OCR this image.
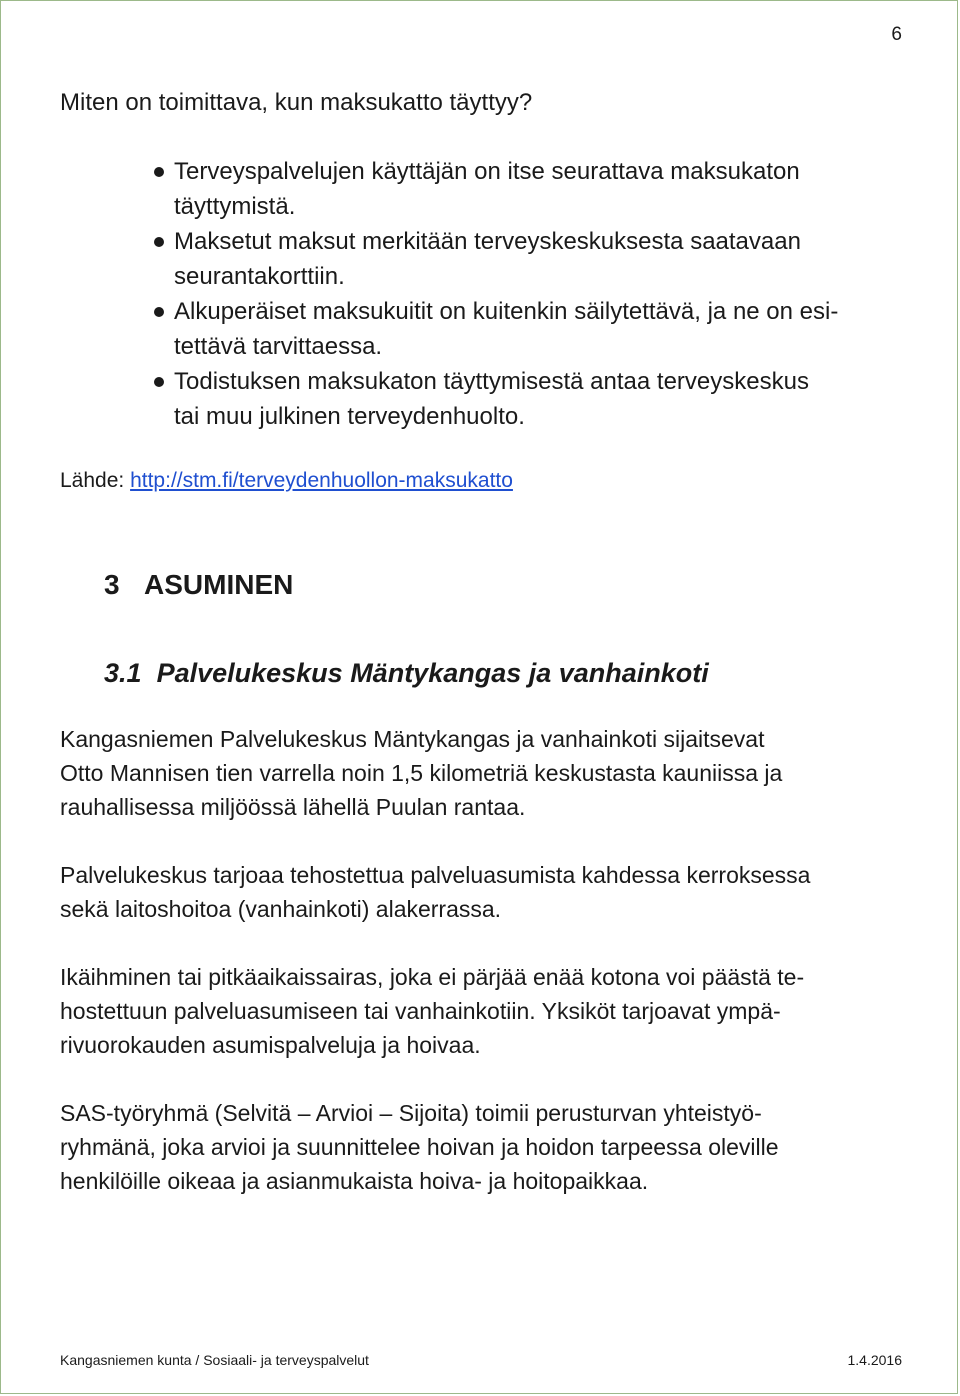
6
Miten on toimittava, kun maksukatto täyttyy?
Terveyspalvelujen käyttäjän on itse seurattava maksukaton
täyttymistä.
Maksetut maksut merkitään terveyskeskuksesta saatavaan
seurantakorttiin.
Alkuperäiset maksukuitit on kuitenkin säilytettävä, ja ne on esi-
tettävä tarvittaessa.
Todistuksen maksukaton täyttymisestä antaa terveyskeskus
tai muu julkinen terveydenhuolto.
Lähde: http://stm.fi/terveydenhuollon-maksukatto
3 ASUMINEN
3.1 Palvelukeskus Mäntykangas ja vanhainkoti

Kangasniemen Palvelukeskus Mäntykangas ja vanhainkoti sijaitsevat
Otto Mannisen tien varrella noin 1,5 kilometriä keskustasta kauniissa ja
rauhallisessa miljöössä lähellä Puulan rantaa.

Palvelukeskus tarjoaa tehostettua palveluasumista kahdessa kerroksessa
sekä laitoshoitoa (vanhainkoti) alakerrassa.

Ikäihminen tai pitkäaikaissairas, joka ei pärjää enää kotona voi päästä te-
hostettuun palveluasumiseen tai vanhainkotiin. Yksiköt tarjoavat ympä-
rivuorokauden asumispalveluja ja hoivaa.

SAS-työryhmä (Selvitä – Arvioi – Sijoita) toimii perusturvan yhteistyö-
ryhmänä, joka arvioi ja suunnittelee hoivan ja hoidon tarpeessa oleville
henkilöille oikeaa ja asianmukaista hoiva- ja hoitopaikkaa.

Kangasniemen kunta / Sosiaali- ja terveyspalvelut	1.4.2016
